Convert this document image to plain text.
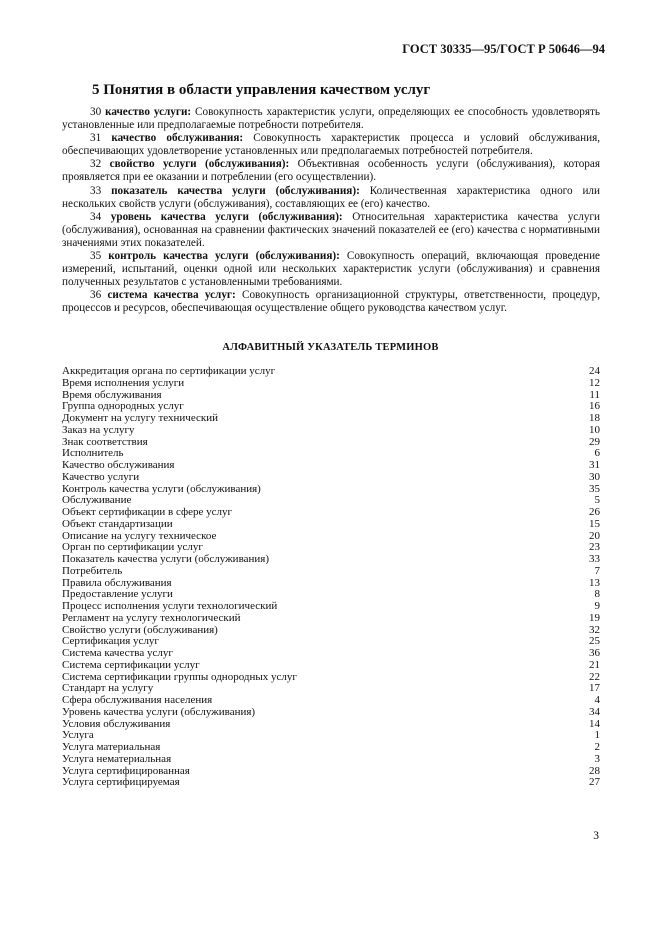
ГОСТ 30335—95/ГОСТ Р 50646—94
5 Понятия в области управления качеством услуг

30 качество услуги: Совокупность характеристик услуги, определяющих ее способность удовлетворять установленные или предполагаемые потребности потребителя.

31 качество обслуживания: Совокупность характеристик процесса и условий обслуживания, обеспечивающих удовлетворение установленных или предполагаемых потребностей потребителя.

32 свойство услуги (обслуживания): Объективная особенность услуги (обслуживания), которая проявляется при ее оказании и потреблении (его осуществлении).

33 показатель качества услуги (обслуживания): Количественная характеристика одного или нескольких свойств услуги (обслуживания), составляющих ее (его) качество.

34 уровень качества услуги (обслуживания): Относительная характеристика качества услуги (обслуживания), основанная на сравнении фактических значений показателей ее (его) качества с нормативными значениями этих показателей.

35 контроль качества услуги (обслуживания): Совокупность операций, включающая проведение измерений, испытаний, оценки одной или нескольких характеристик услуги (обслуживания) и сравнения полученных результатов с установленными требованиями.

36 система качества услуг: Совокупность организационной структуры, ответственности, процедур, процессов и ресурсов, обеспечивающая осуществление общего руководства качеством услуг.

АЛФАВИТНЫЙ УКАЗАТЕЛЬ ТЕРМИНОВ
Аккредитация органа по сертификации услуг	24
Время исполнения услуги	12
Время обслуживания	11
Группа однородных услуг	16
Документ на услугу технический	18
Заказ на услугу	10
Знак соответствия	29
Исполнитель	6
Качество обслуживания	31
Качество услуги	30
Контроль качества услуги (обслуживания)	35
Обслуживание	5
Объект сертификации в сфере услуг	26
Объект стандартизации	15
Описание на услугу техническое	20
Орган по сертификации услуг	23
Показатель качества услуги (обслуживания)	33
Потребитель	7
Правила обслуживания	13
Предоставление услуги	8
Процесс исполнения услуги технологический	9
Регламент на услугу технологический	19
Свойство услуги (обслуживания)	32
Сертификация услуг	25
Система качества услуг	36
Система сертификации услуг	21
Система сертификации группы однородных услуг	22
Стандарт на услугу	17
Сфера обслуживания населения	4
Уровень качества услуги (обслуживания)	34
Условия обслуживания	14
Услуга	1
Услуга материальная	2
Услуга нематериальная	3
Услуга сертифицированная	28
Услуга сертифицируемая	27
3
